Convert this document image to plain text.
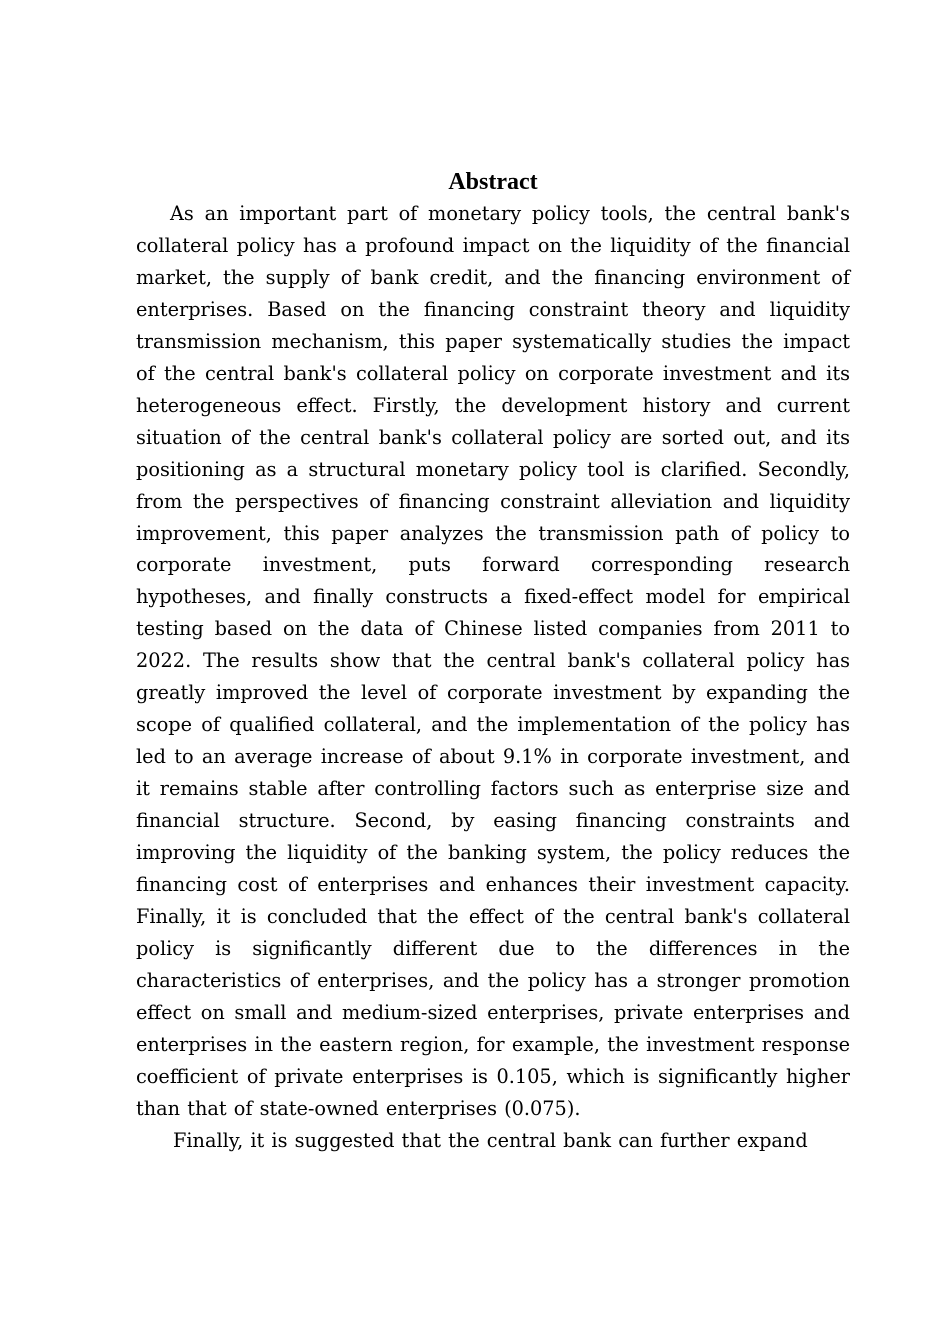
Abstract

As an important part of monetary policy tools, the central bank's collateral policy has a profound impact on the liquidity of the financial market, the supply of bank credit, and the financing environment of enterprises. Based on the financing constraint theory and liquidity transmission mechanism, this paper systematically studies the impact of the central bank's collateral policy on corporate investment and its heterogeneous effect. Firstly, the development history and current situation of the central bank's collateral policy are sorted out, and its positioning as a structural monetary policy tool is clarified. Secondly, from the perspectives of financing constraint alleviation and liquidity improvement, this paper analyzes the transmission path of policy to corporate investment, puts forward corresponding research hypotheses, and finally constructs a fixed-effect model for empirical testing based on the data of Chinese listed companies from 2011 to 2022. The results show that the central bank's collateral policy has greatly improved the level of corporate investment by expanding the scope of qualified collateral, and the implementation of the policy has led to an average increase of about 9.1% in corporate investment, and it remains stable after controlling factors such as enterprise size and financial structure. Second, by easing financing constraints and improving the liquidity of the banking system, the policy reduces the financing cost of enterprises and enhances their investment capacity. Finally, it is concluded that the effect of the central bank's collateral policy is significantly different due to the differences in the characteristics of enterprises, and the policy has a stronger promotion effect on small and medium-sized enterprises, private enterprises and enterprises in the eastern region, for example, the investment response coefficient of private enterprises is 0.105, which is significantly higher than that of state-owned enterprises (0.075).

Finally, it is suggested that the central bank can further expand
